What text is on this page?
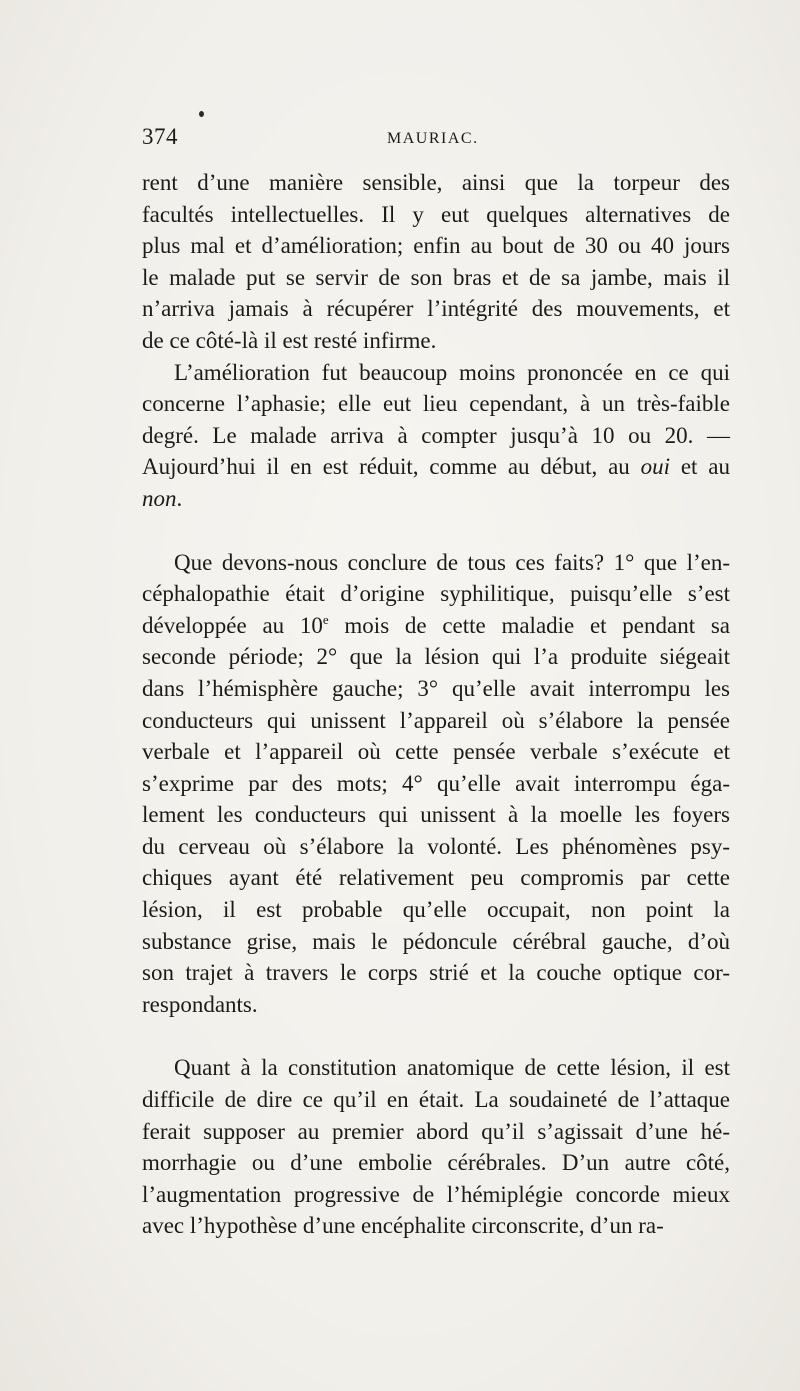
374	MAURIAC.

rent d’une manière sensible, ainsi que la torpeur des
facultés intellectuelles. Il y eut quelques alternatives de
plus mal et d’amélioration; enfin au bout de 30 ou 40 jours
le malade put se servir de son bras et de sa jambe, mais il
n’arriva jamais à récupérer l’intégrité des mouvements, et
de ce côté-là il est resté infirme.

L’amélioration fut beaucoup moins prononcée en ce qui
concerne l’aphasie; elle eut lieu cependant, à un très-faible
degré. Le malade arriva à compter jusqu’à 10 ou 20. —
Aujourd’hui il en est réduit, comme au début, au oui et au
non.

Que devons-nous conclure de tous ces faits? 1° que l’en-
céphalopathie était d’origine syphilitique, puisqu’elle s’est
développée au 10e mois de cette maladie et pendant sa
seconde période; 2° que la lésion qui l’a produite siégeait
dans l’hémisphère gauche; 3° qu’elle avait interrompu les
conducteurs qui unissent l’appareil où s’élabore la pensée
verbale et l’appareil où cette pensée verbale s’exécute et
s’exprime par des mots; 4° qu’elle avait interrompu éga-
lement les conducteurs qui unissent à la moelle les foyers
du cerveau où s’élabore la volonté. Les phénomènes psy-
chiques ayant été relativement peu compromis par cette
lésion, il est probable qu’elle occupait, non point la
substance grise, mais le pédoncule cérébral gauche, d’où
son trajet à travers le corps strié et la couche optique cor-
respondants.

Quant à la constitution anatomique de cette lésion, il est
difficile de dire ce qu’il en était. La soudaineté de l’attaque
ferait supposer au premier abord qu’il s’agissait d’une hé-
morrhagie ou d’une embolie cérébrales. D’un autre côté,
l’augmentation progressive de l’hémiplégie concorde mieux
avec l’hypothèse d’une encéphalite circonscrite, d’un ra-
